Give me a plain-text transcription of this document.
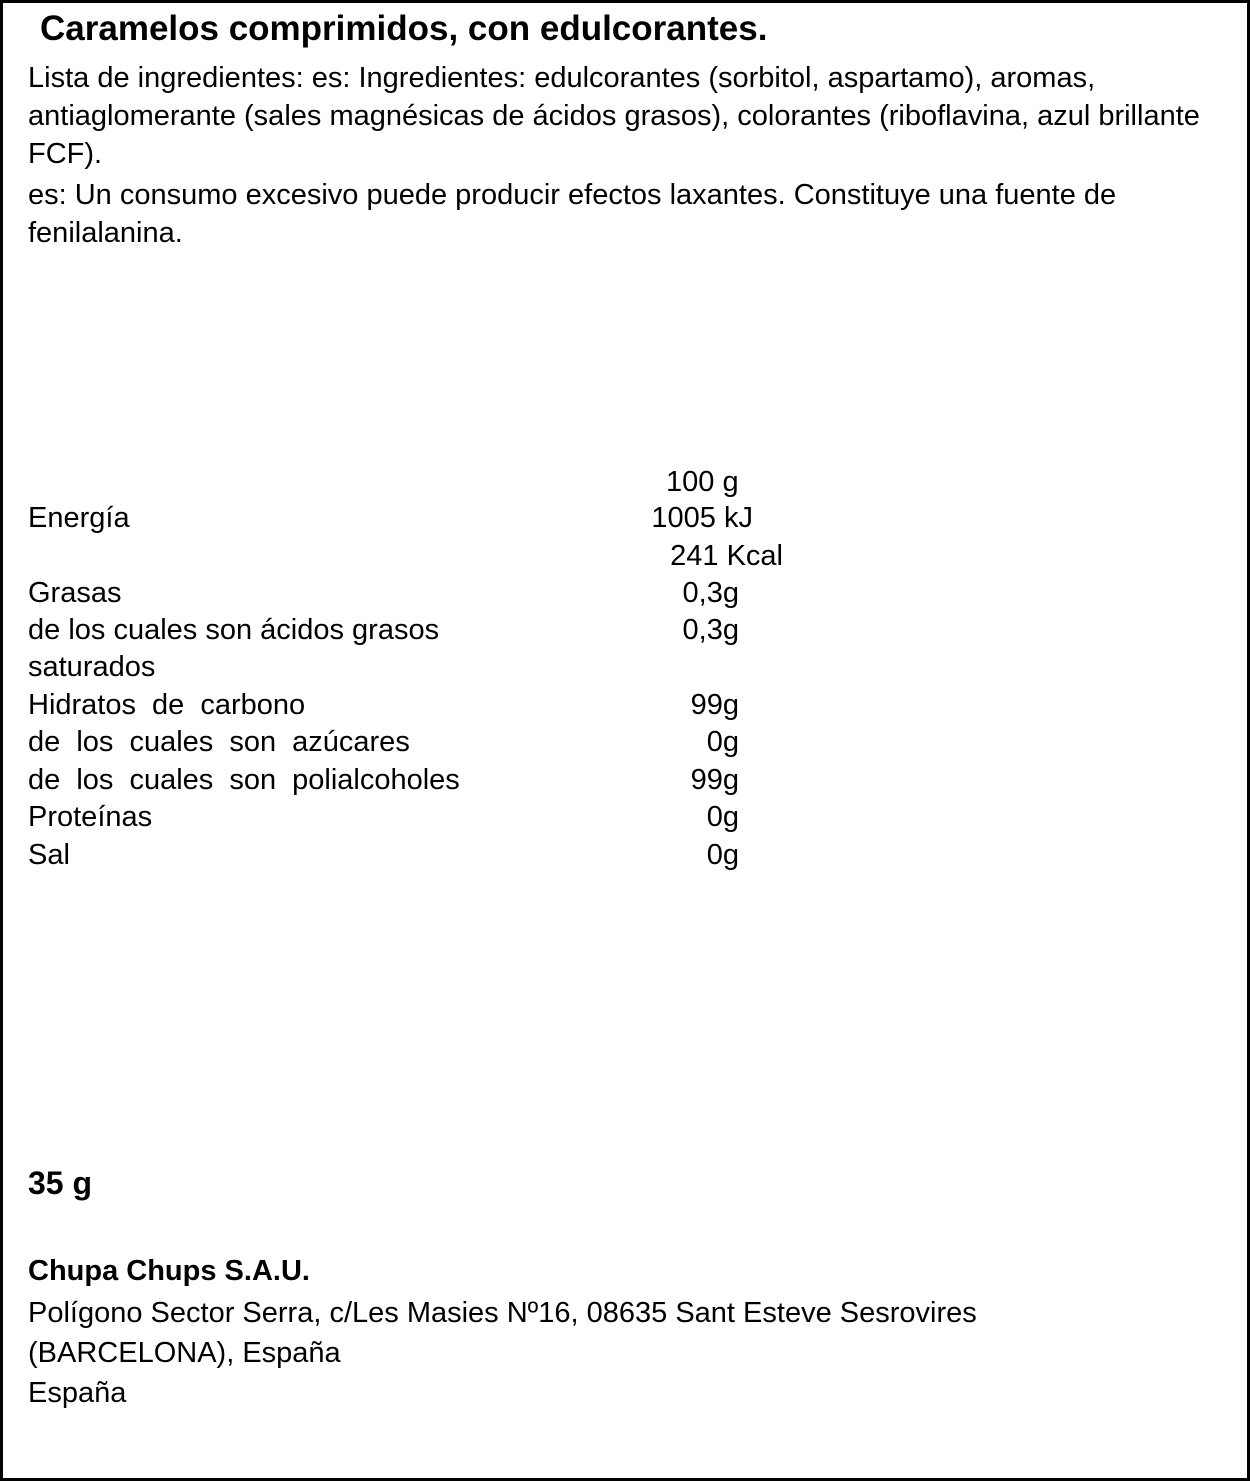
Caramelos comprimidos, con edulcorantes.

Lista de ingredientes: es: Ingredientes: edulcorantes (sorbitol, aspartamo), aromas, antiaglomerante (sales magnésicas de ácidos grasos), colorantes (riboflavina, azul brillante FCF).

es: Un consumo excesivo puede producir efectos laxantes. Constituye una fuente de fenilalanina.

100 g
Energía	1005 kJ
241 Kcal
Grasas	0,3g
de los cuales son ácidos grasos	0,3g
saturados
Hidratos de carbono	99g
de los cuales son azúcares	0g
de los cuales son polialcoholes	99g
Proteínas	0g
Sal	0g
35 g
Chupa Chups S.A.U.
Polígono Sector Serra, c/Les Masies Nº16, 08635 Sant Esteve Sesrovires (BARCELONA), España
España
